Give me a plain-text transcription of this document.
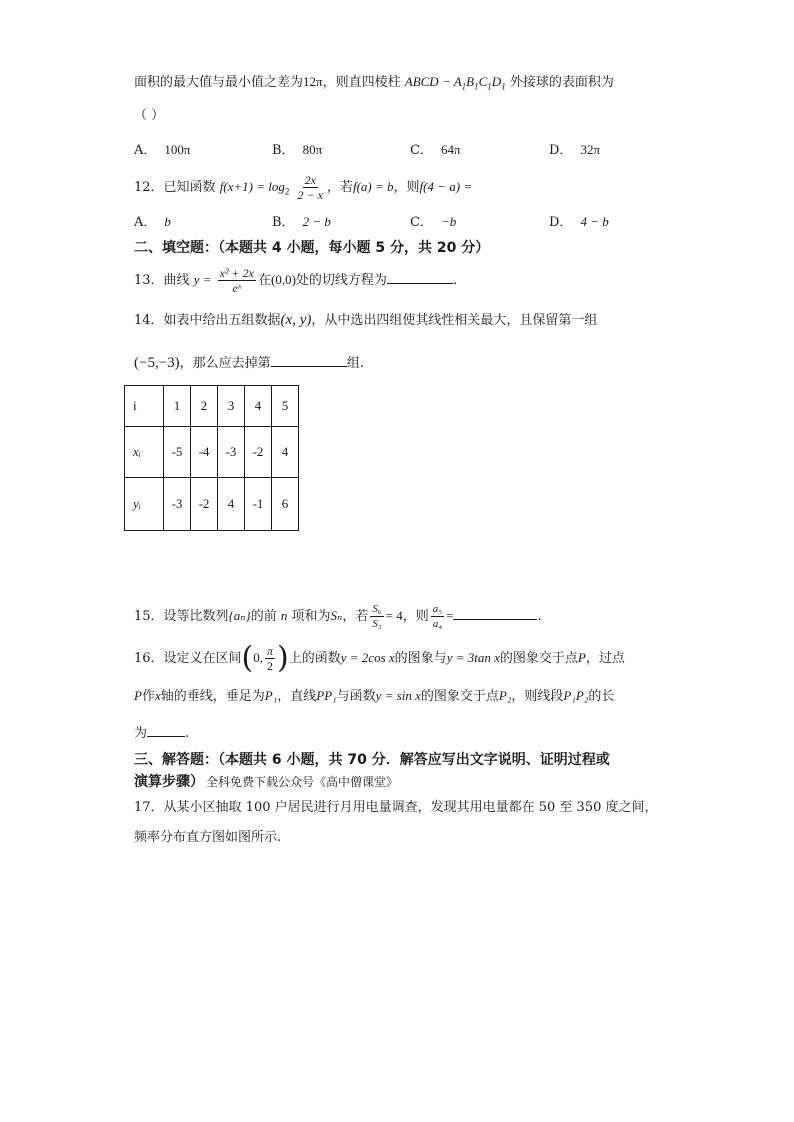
面积的最大值与最小值之差为12π，则直四棱柱 ABCD − $A_1B_1C_1D_1$ 外接球的表面积为
（ ）
A． 100π	B． 80π	C． 64π	D． 32π
12．已知函数 $f(x+1) = \log_2 \frac{2x}{2 - x}$ ，若f(a) = b，则f(4 − a) =
A． b	B． 2 − b	C． −b	D． 4 − b
二、填空题：（本题共 4 小题，每小题 5 分，共 20 分）
13．曲线 $y = \frac{\text{x² + 2x}}{\text{eˣ}}$ 在(0,0)处的切线方程为	.
14．如表中给出五组数据(x, y)，从中选出四组使其线性相关最大，且保留第一组
(−5,−3)，那么应去掉第	组.
i	1	2	3	4	5
xᵢ	-5	-4	-3	-2	4
yᵢ	-3	-2	4	-1	6
15．设等比数列{aₙ}的前 n 项和为Sₙ，若 $\frac{\text{S₆}}{\text{S₃}} = 4$，则 $\frac{\text{a₅}}{\text{a₄}}$ =	.
16．设定义在区间(0, $\frac{\pi}{2}$ )上的函数y = 2cos x的图象与y = 3tan x的图象交于点P，过点
P作x轴的垂线，垂足为P₁，直线PP₁与函数y = sin x的图象交于点P₂，则线段P₁P₂的长
为	.
三、解答题：（本题共 6 小题，共 70 分．解答应写出文字说明、证明过程或
演算步骤） 全科免费下载公众号《高中僧课堂》
17．从某小区抽取 100 户居民进行月用电量调查，发现其用电量都在 50 至 350 度之间，
频率分布直方图如图所示.
